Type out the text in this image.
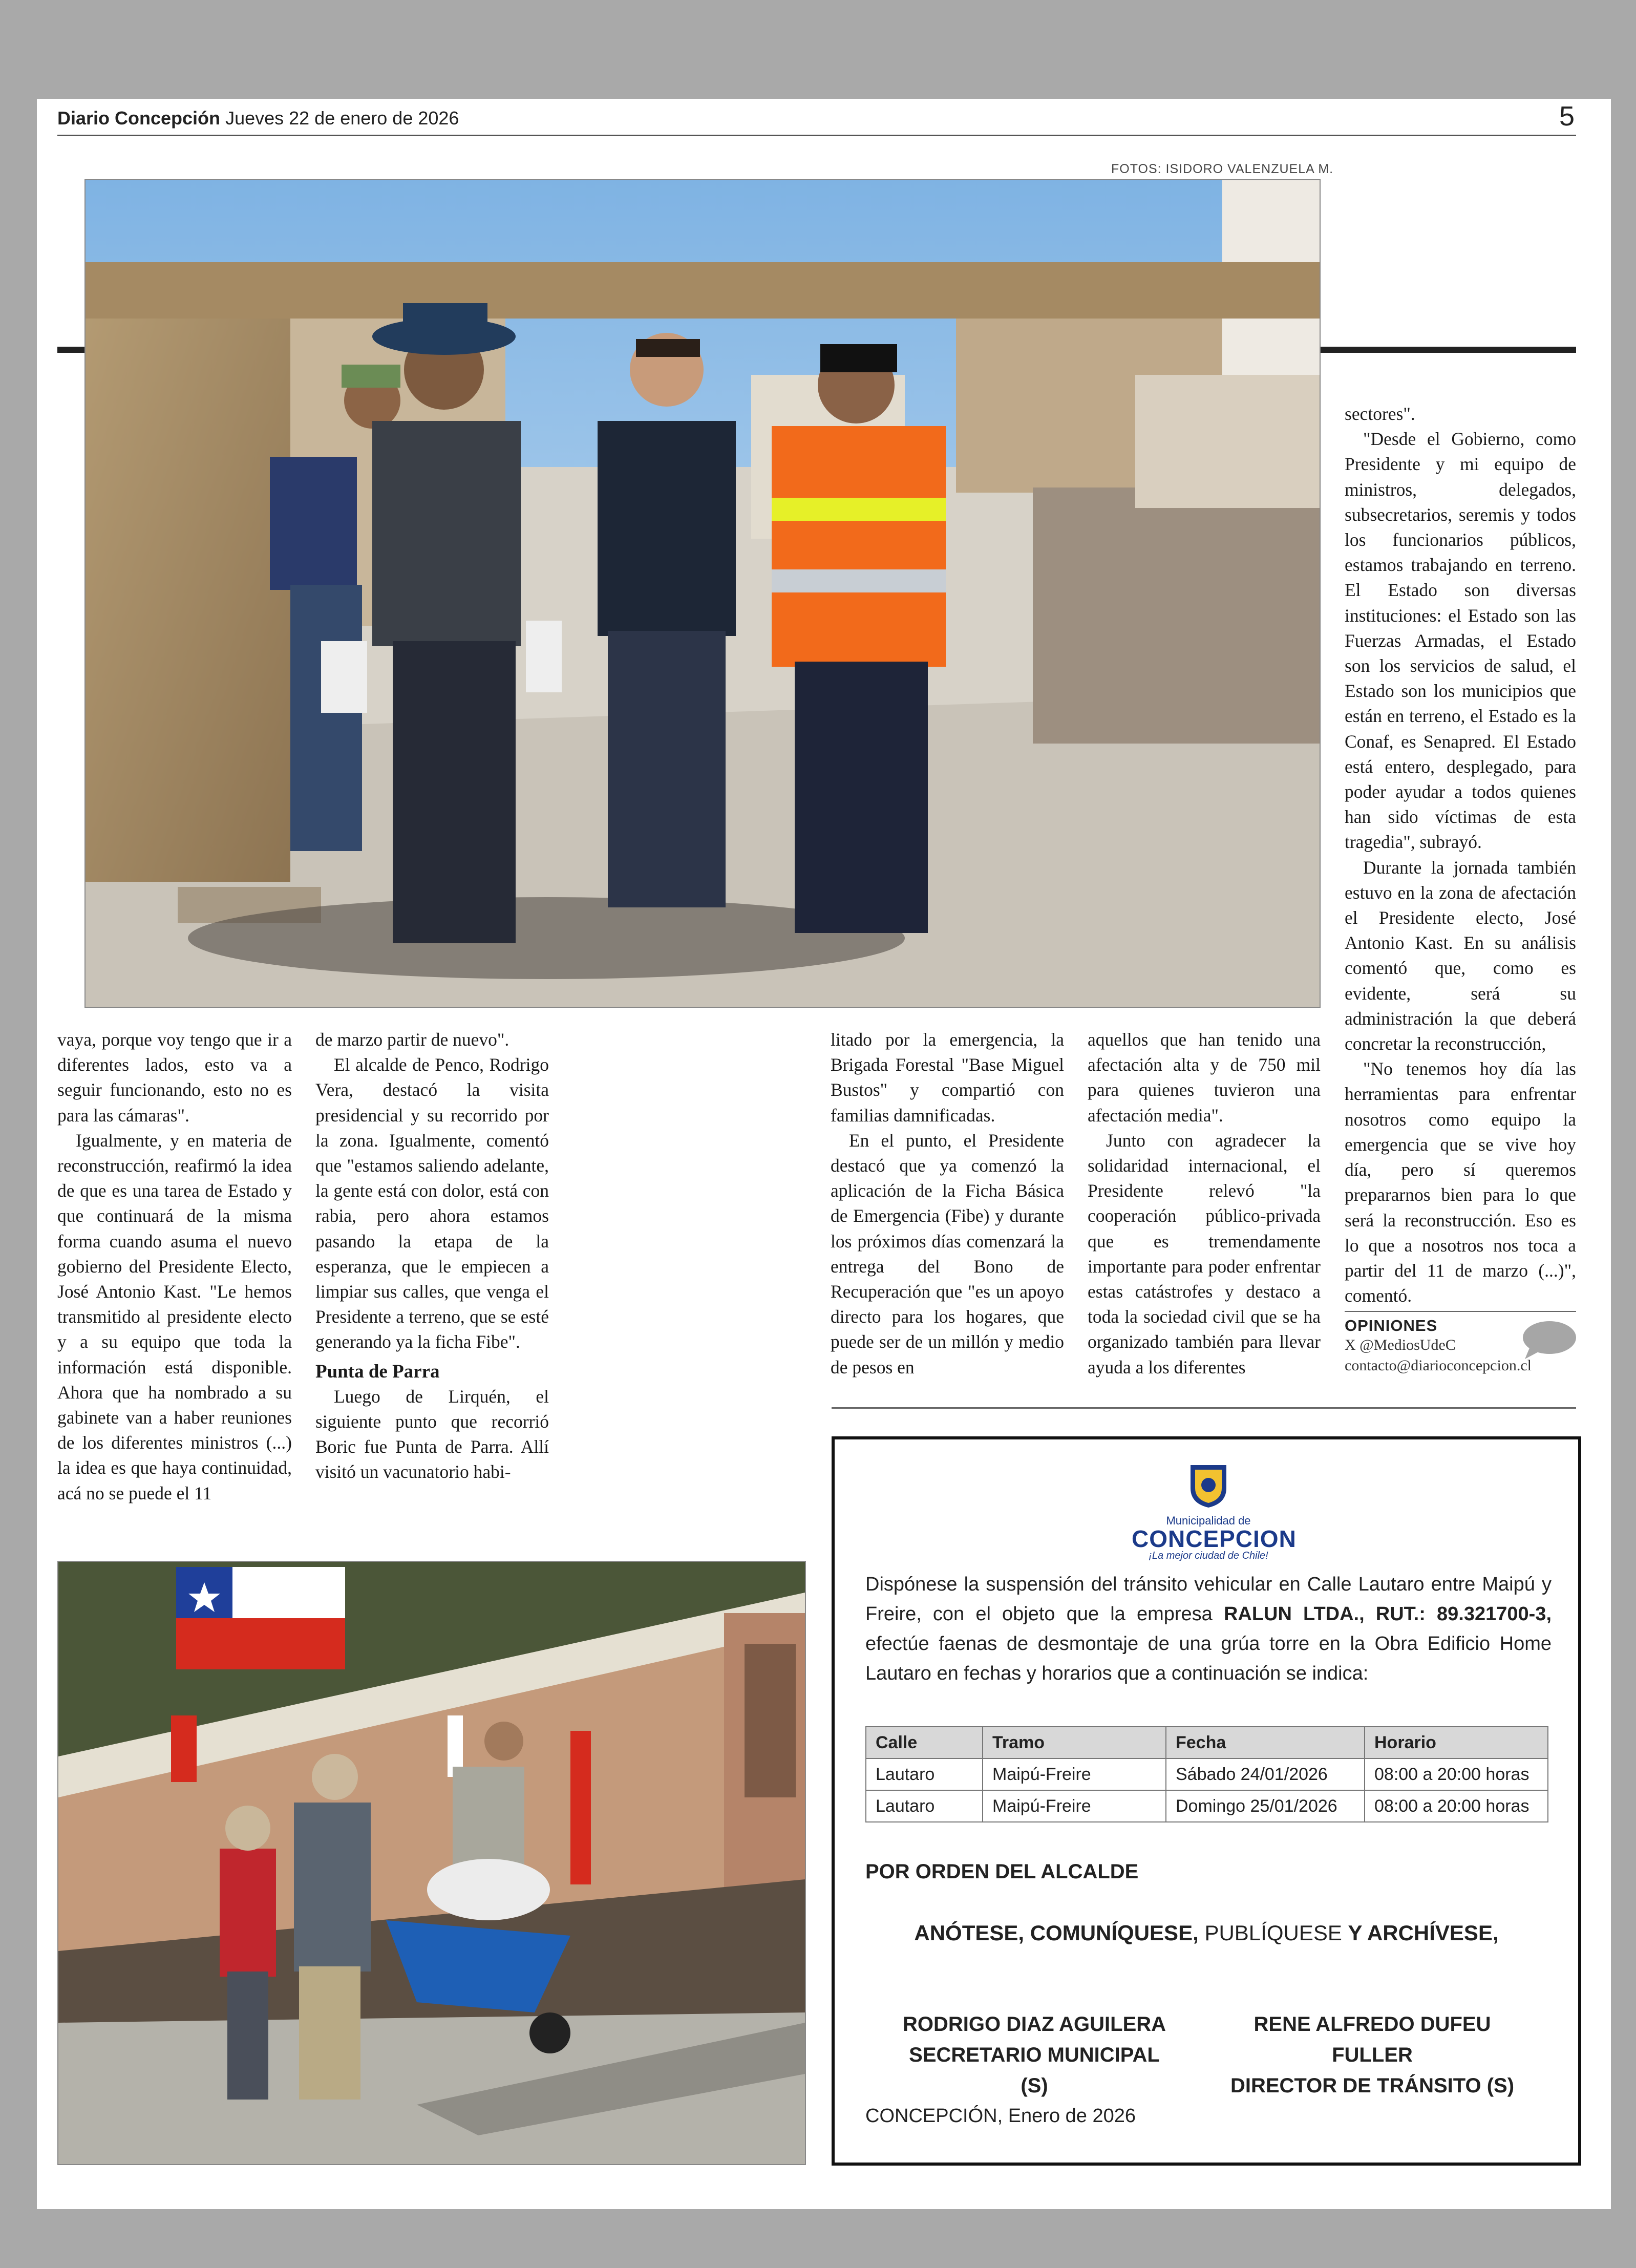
Diario Concepción Jueves 22 de enero de 2026	5
FOTOS: ISIDORO VALENZUELA M.

vaya, porque voy tengo que ir a diferentes lados, esto va a seguir funcionando, esto no es para las cámaras".

Igualmente, y en materia de reconstrucción, reafirmó la idea de que es una tarea de Estado y que continuará de la misma forma cuando asuma el nuevo gobierno del Presidente Electo, José Antonio Kast. "Le hemos transmitido al presidente electo y a su equipo que toda la información está disponible. Ahora que ha nombrado a su gabinete van a haber reuniones de los diferentes ministros (...) la idea es que haya continuidad, acá no se puede el 11

de marzo partir de nuevo".

El alcalde de Penco, Rodrigo Vera, destacó la visita presidencial y su recorrido por la zona. Igualmente, comentó que "estamos saliendo adelante, la gente está con dolor, está con rabia, pero ahora estamos pasando la etapa de la esperanza, que le empiecen a limpiar sus calles, que venga el Presidente a terreno, que se esté generando ya la ficha Fibe".

Punta de Parra

Luego de Lirquén, el siguiente punto que recorrió Boric fue Punta de Parra. Allí visitó un vacunatorio habi-

litado por la emergencia, la Brigada Forestal "Base Miguel Bustos" y compartió con familias damnificadas.

En el punto, el Presidente destacó que ya comenzó la aplicación de la Ficha Básica de Emergencia (Fibe) y durante los próximos días comenzará la entrega del Bono de Recuperación que "es un apoyo directo para los hogares, que puede ser de un millón y medio de pesos en

aquellos que han tenido una afectación alta y de 750 mil para quienes tuvieron una afectación media".

Junto con agradecer la solidaridad internacional, el Presidente relevó "la cooperación público-privada que es tremendamente importante para poder enfrentar estas catástrofes y destaco a toda la sociedad civil que se ha organizado también para llevar ayuda a los diferentes

sectores".

"Desde el Gobierno, como Presidente y mi equipo de ministros, delegados, subsecretarios, seremis y todos los funcionarios públicos, estamos trabajando en terreno. El Estado son diversas instituciones: el Estado son las Fuerzas Armadas, el Estado son los servicios de salud, el Estado son los municipios que están en terreno, el Estado es la Conaf, es Senapred. El Estado está entero, desplegado, para poder ayudar a todos quienes han sido víctimas de esta tragedia", subrayó.

Durante la jornada también estuvo en la zona de afectación el Presidente electo, José Antonio Kast. En su análisis comentó que, como es evidente, será su administración la que deberá concretar la reconstrucción,

"No tenemos hoy día las herramientas para enfrentar nosotros como equipo la emergencia que se vive hoy día, pero sí queremos prepararnos bien para lo que será la reconstrucción. Eso es lo que a nosotros nos toca a partir del 11 de marzo (...)", comentó.

OPINIONES
X @MediosUdeC
contacto@diarioconcepcion.cl
Municipalidad de
CONCEPCION
¡La mejor ciudad de Chile!
Dispónese la suspensión del tránsito vehicular en Calle Lautaro entre Maipú y Freire, con el objeto que la empresa RALUN LTDA., RUT.: 89.321700-3, efectúe faenas de desmontaje de una grúa torre en la Obra Edificio Home Lautaro en fechas y horarios que a continuación se indica:
Calle	Tramo	Fecha	Horario
Lautaro	Maipú-Freire	Sábado 24/01/2026	08:00 a 20:00 horas
Lautaro	Maipú-Freire	Domingo 25/01/2026	08:00 a 20:00 horas
POR ORDEN DEL ALCALDE
ANÓTESE, COMUNÍQUESE, PUBLÍQUESE Y ARCHÍVESE,
RODRIGO DIAZ AGUILERA
SECRETARIO MUNICIPAL (S)
RENE ALFREDO DUFEU FULLER
DIRECTOR DE TRÁNSITO (S)
CONCEPCIÓN, Enero de 2026
